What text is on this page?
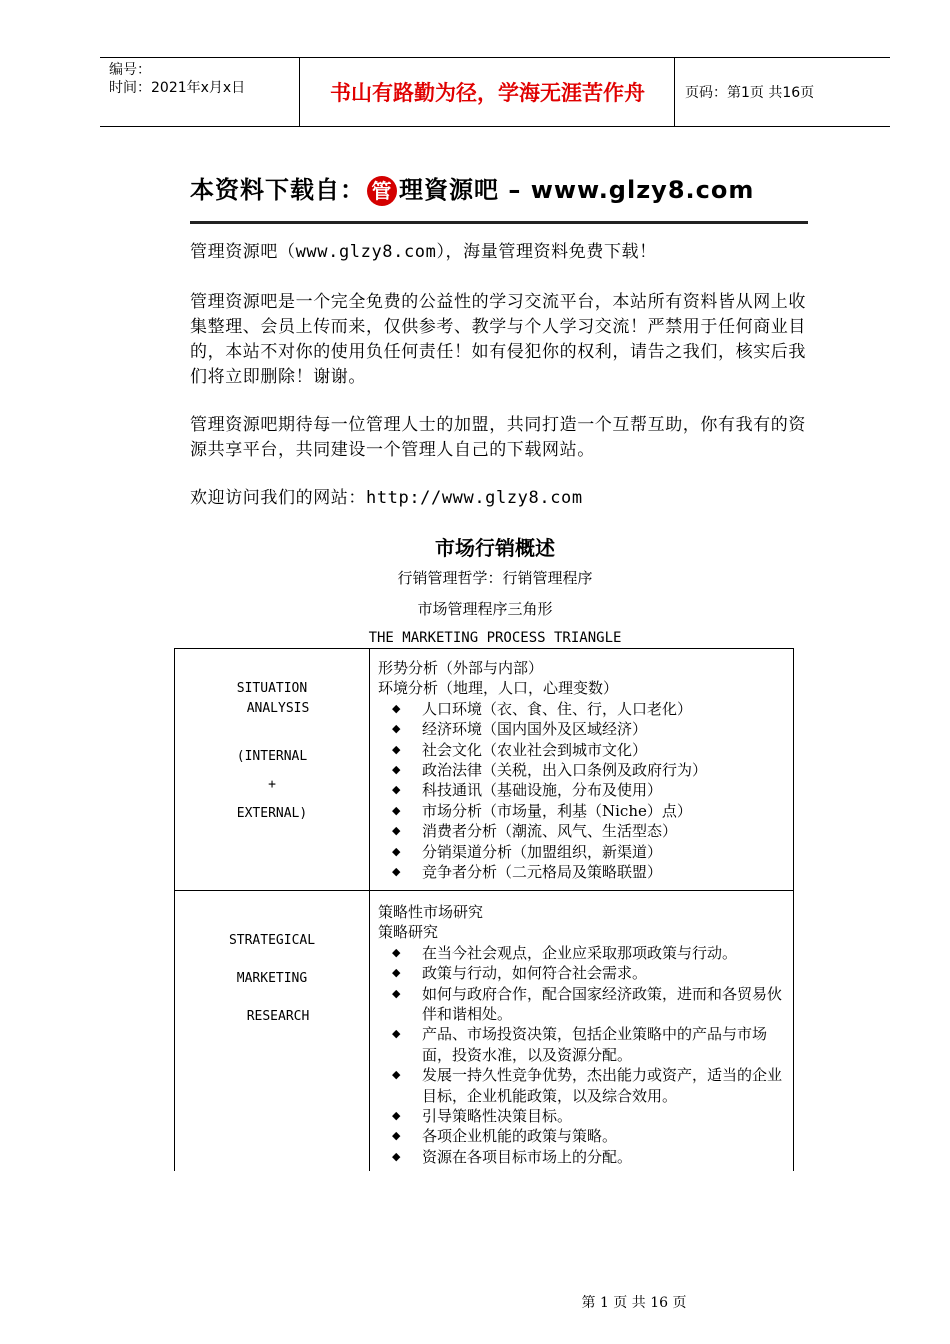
编号：
时间：2021年x月x日	书山有路勤为径，学海无涯苦作舟	页码：第1页 共16页
本资料下载自： 管 理資源吧 – www.glzy8.com

管理资源吧（www.glzy8.com），海量管理资料免费下载！

管理资源吧是一个完全免费的公益性的学习交流平台，本站所有资料皆从网上收集整理、会员上传而来，仅供参考、教学与个人学习交流！严禁用于任何商业目的，本站不对你的使用负任何责任！如有侵犯你的权利，请告之我们，核实后我们将立即删除！谢谢。

管理资源吧期待每一位管理人士的加盟，共同打造一个互帮互助，你有我有的资源共享平台，共同建设一个管理人自己的下载网站。

欢迎访问我们的网站：http://www.glzy8.com

市场行销概述
行销管理哲学：行销管理程序
市场管理程序三角形
THE MARKETING PROCESS TRIANGLE
SITUATION
ANALYSIS
(INTERNAL
+
EXTERNAL)

形势分析（外部与内部）

环境分析（地理，人口，心理变数）

◆ 人口环境（衣、食、住、行，人口老化）
◆ 经济环境（国内国外及区域经济）
◆ 社会文化（农业社会到城市文化）
◆ 政治法律（关税，出入口条例及政府行为）
◆ 科技通讯（基础设施，分布及使用）
◆ 市场分析（市场量，利基（Niche）点）
◆ 消费者分析（潮流、风气、生活型态）
◆ 分销渠道分析（加盟组织，新渠道）
◆ 竞争者分析（二元格局及策略联盟）
STRATEGICAL
MARKETING
RESEARCH

策略性市场研究

策略研究

◆ 在当今社会观点，企业应采取那项政策与行动。
◆ 政策与行动，如何符合社会需求。
◆ 如何与政府合作，配合国家经济政策，进而和各贸易伙伴和谐相处。
◆ 产品、市场投资决策，包括企业策略中的产品与市场面，投资水准，以及资源分配。
◆ 发展一持久性竞争优势，杰出能力或资产，适当的企业目标，企业机能政策，以及综合效用。
◆ 引导策略性决策目标。
◆ 各项企业机能的政策与策略。
◆ 资源在各项目标市场上的分配。
第 1 页 共 16 页
